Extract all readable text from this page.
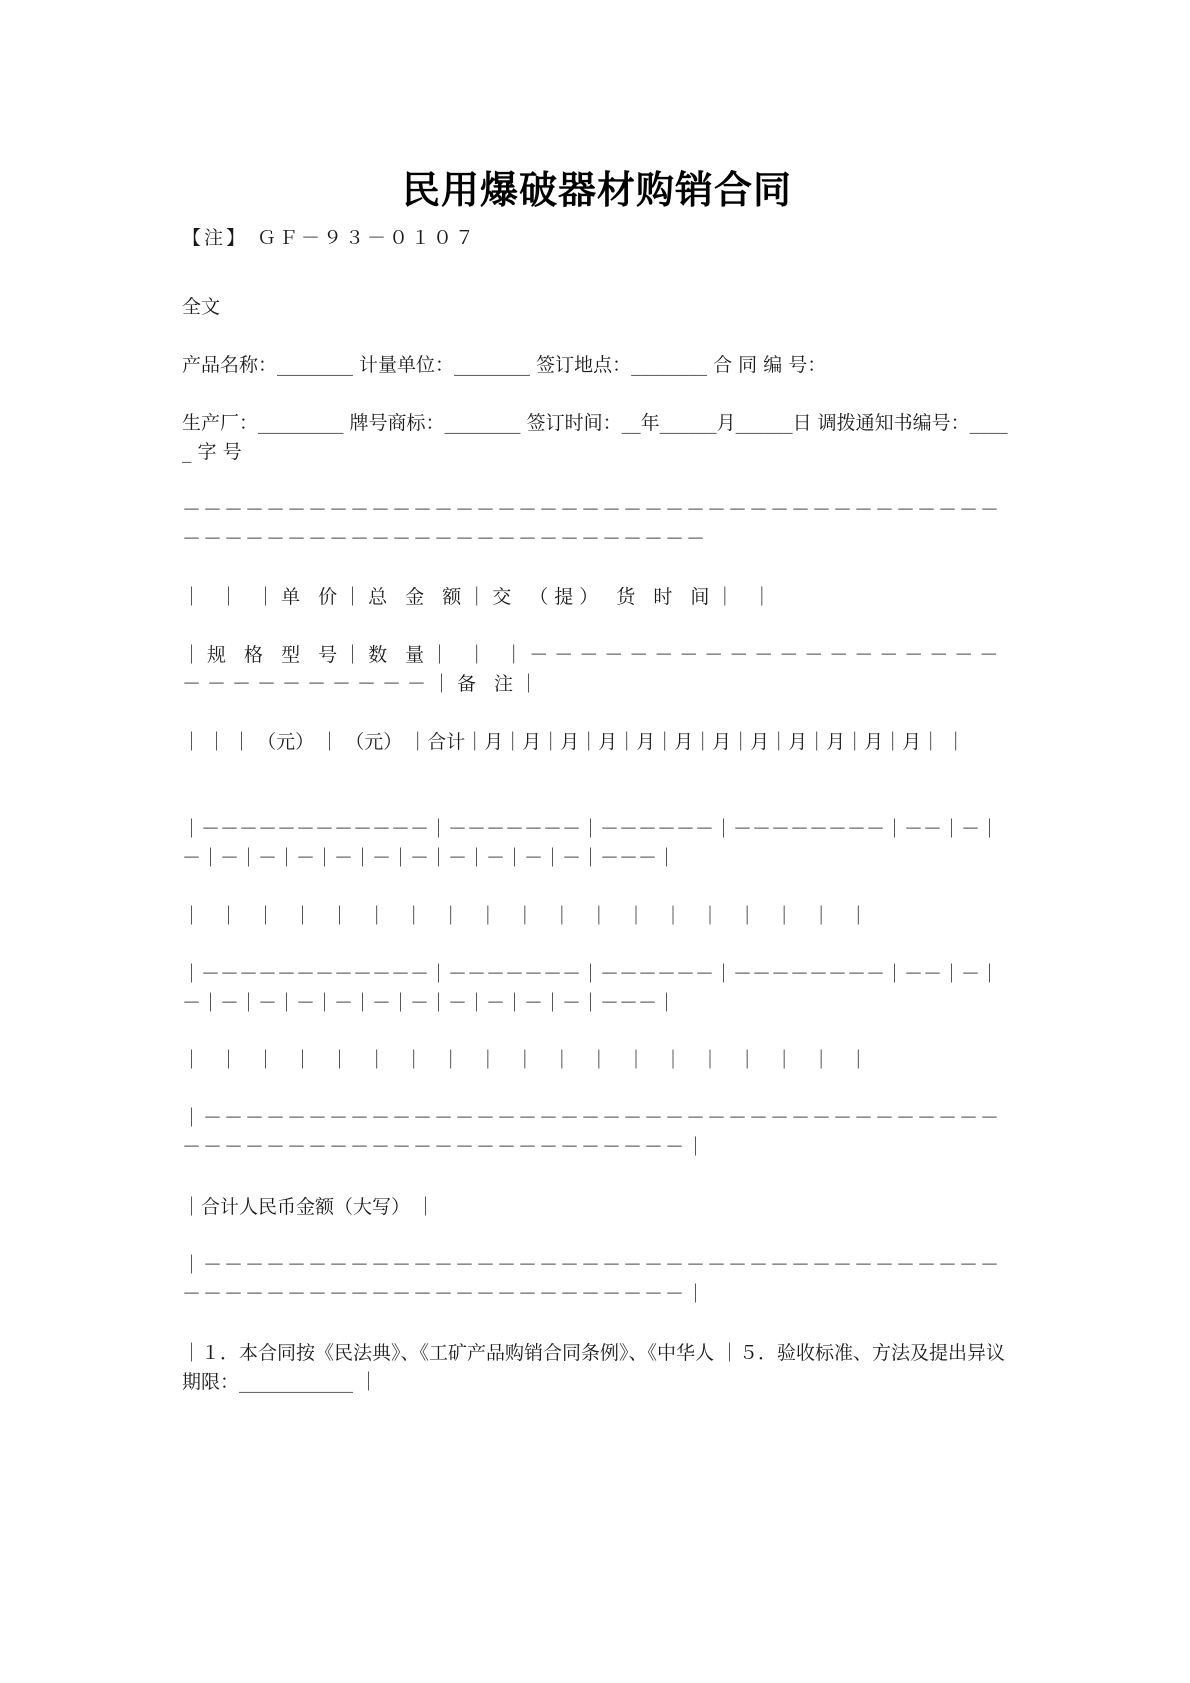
民用爆破器材购销合同
【注】 ＧＦ－９３－０１０７

全文

产品名称：________ 计量单位：________ 签订地点：________ 合 同 编 号：

生产厂：_________ 牌号商标：________ 签订时间：__年______月______日 调拨通知书编号：_____ 字 号

－－－－－－－－－－－－－－－－－－－－－－－－－－－－－－－－－－－－－－－－－－－－－－－－－－－－－－－－－－－－－－－－

｜ ｜ ｜单 价｜总 金 额｜交 （提） 货 时 间｜ ｜

｜规 格 型 号｜数 量｜ ｜ ｜－－－－－－－－－－－－－－－－－－－－－－－－－－－－－｜备 注｜

｜ ｜ ｜ （元） ｜ （元） ｜合计｜月｜月｜月｜月｜月｜月｜月｜月｜月｜月｜月｜月｜ ｜

｜－－－－－－－－－－－－｜－－－－－－－｜－－－－－－｜－－－－－－－－｜－－｜－｜－｜－｜－｜－｜－｜－｜－｜－｜－｜－｜－｜－－－｜

｜ ｜ ｜ ｜ ｜ ｜ ｜ ｜ ｜ ｜ ｜ ｜ ｜ ｜ ｜ ｜ ｜ ｜ ｜

｜－－－－－－－－－－－－｜－－－－－－－｜－－－－－－｜－－－－－－－－｜－－｜－｜－｜－｜－｜－｜－｜－｜－｜－｜－｜－｜－｜－－－｜

｜ ｜ ｜ ｜ ｜ ｜ ｜ ｜ ｜ ｜ ｜ ｜ ｜ ｜ ｜ ｜ ｜ ｜ ｜

｜－－－－－－－－－－－－－－－－－－－－－－－－－－－－－－－－－－－－－－－－－－－－－－－－－－－－－－－－－－－－－－｜

｜合计人民币金额（大写） ｜

｜－－－－－－－－－－－－－－－－－－－－－－－－－－－－－－－－－－－－－－－－－－－－－－－－－－－－－－－－－－－－－－｜

｜１．本合同按《民法典》、《工矿产品购销合同条例》、《中华人 ｜５．验收标准、方法及提出异议期限：____________ ｜
